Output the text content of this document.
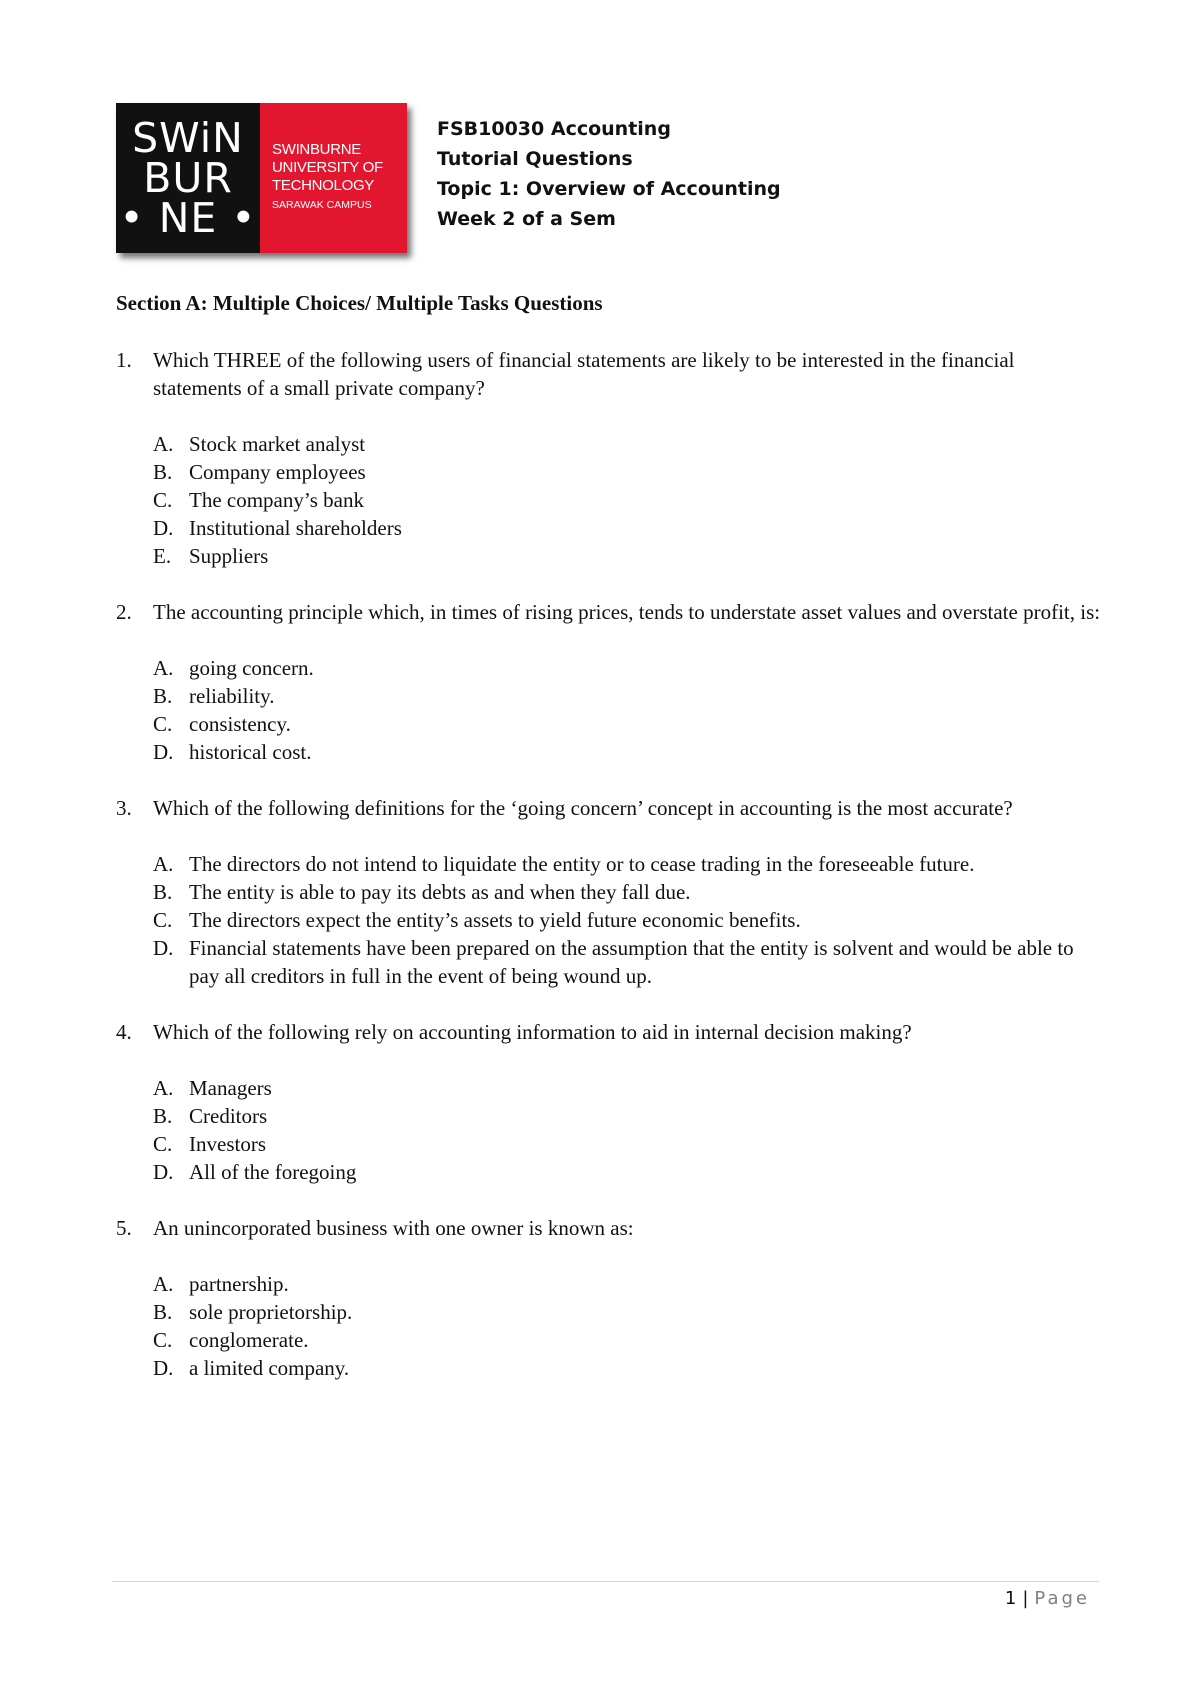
SWiN
BUR
• NE •
SWINBURNE
UNIVERSITY OF
TECHNOLOGY
SARAWAK CAMPUS
FSB10030 Accounting
Tutorial Questions
Topic 1: Overview of Accounting
Week 2 of a Sem
Section A: Multiple Choices/ Multiple Tasks Questions
1. Which THREE of the following users of financial statements are likely to be interested in the financial statements of a small private company?
A. Stock market analyst
B. Company employees
C. The company’s bank
D. Institutional shareholders
E. Suppliers
2. The accounting principle which, in times of rising prices, tends to understate asset values and overstate profit, is:
A. going concern.
B. reliability.
C. consistency.
D. historical cost.
3. Which of the following definitions for the ‘going concern’ concept in accounting is the most accurate?
A. The directors do not intend to liquidate the entity or to cease trading in the foreseeable future.
B. The entity is able to pay its debts as and when they fall due.
C. The directors expect the entity’s assets to yield future economic benefits.
D. Financial statements have been prepared on the assumption that the entity is solvent and would be able to pay all creditors in full in the event of being wound up.
4. Which of the following rely on accounting information to aid in internal decision making?
A. Managers
B. Creditors
C. Investors
D. All of the foregoing
5. An unincorporated business with one owner is known as:
A. partnership.
B. sole proprietorship.
C. conglomerate.
D. a limited company.
1 | Page
